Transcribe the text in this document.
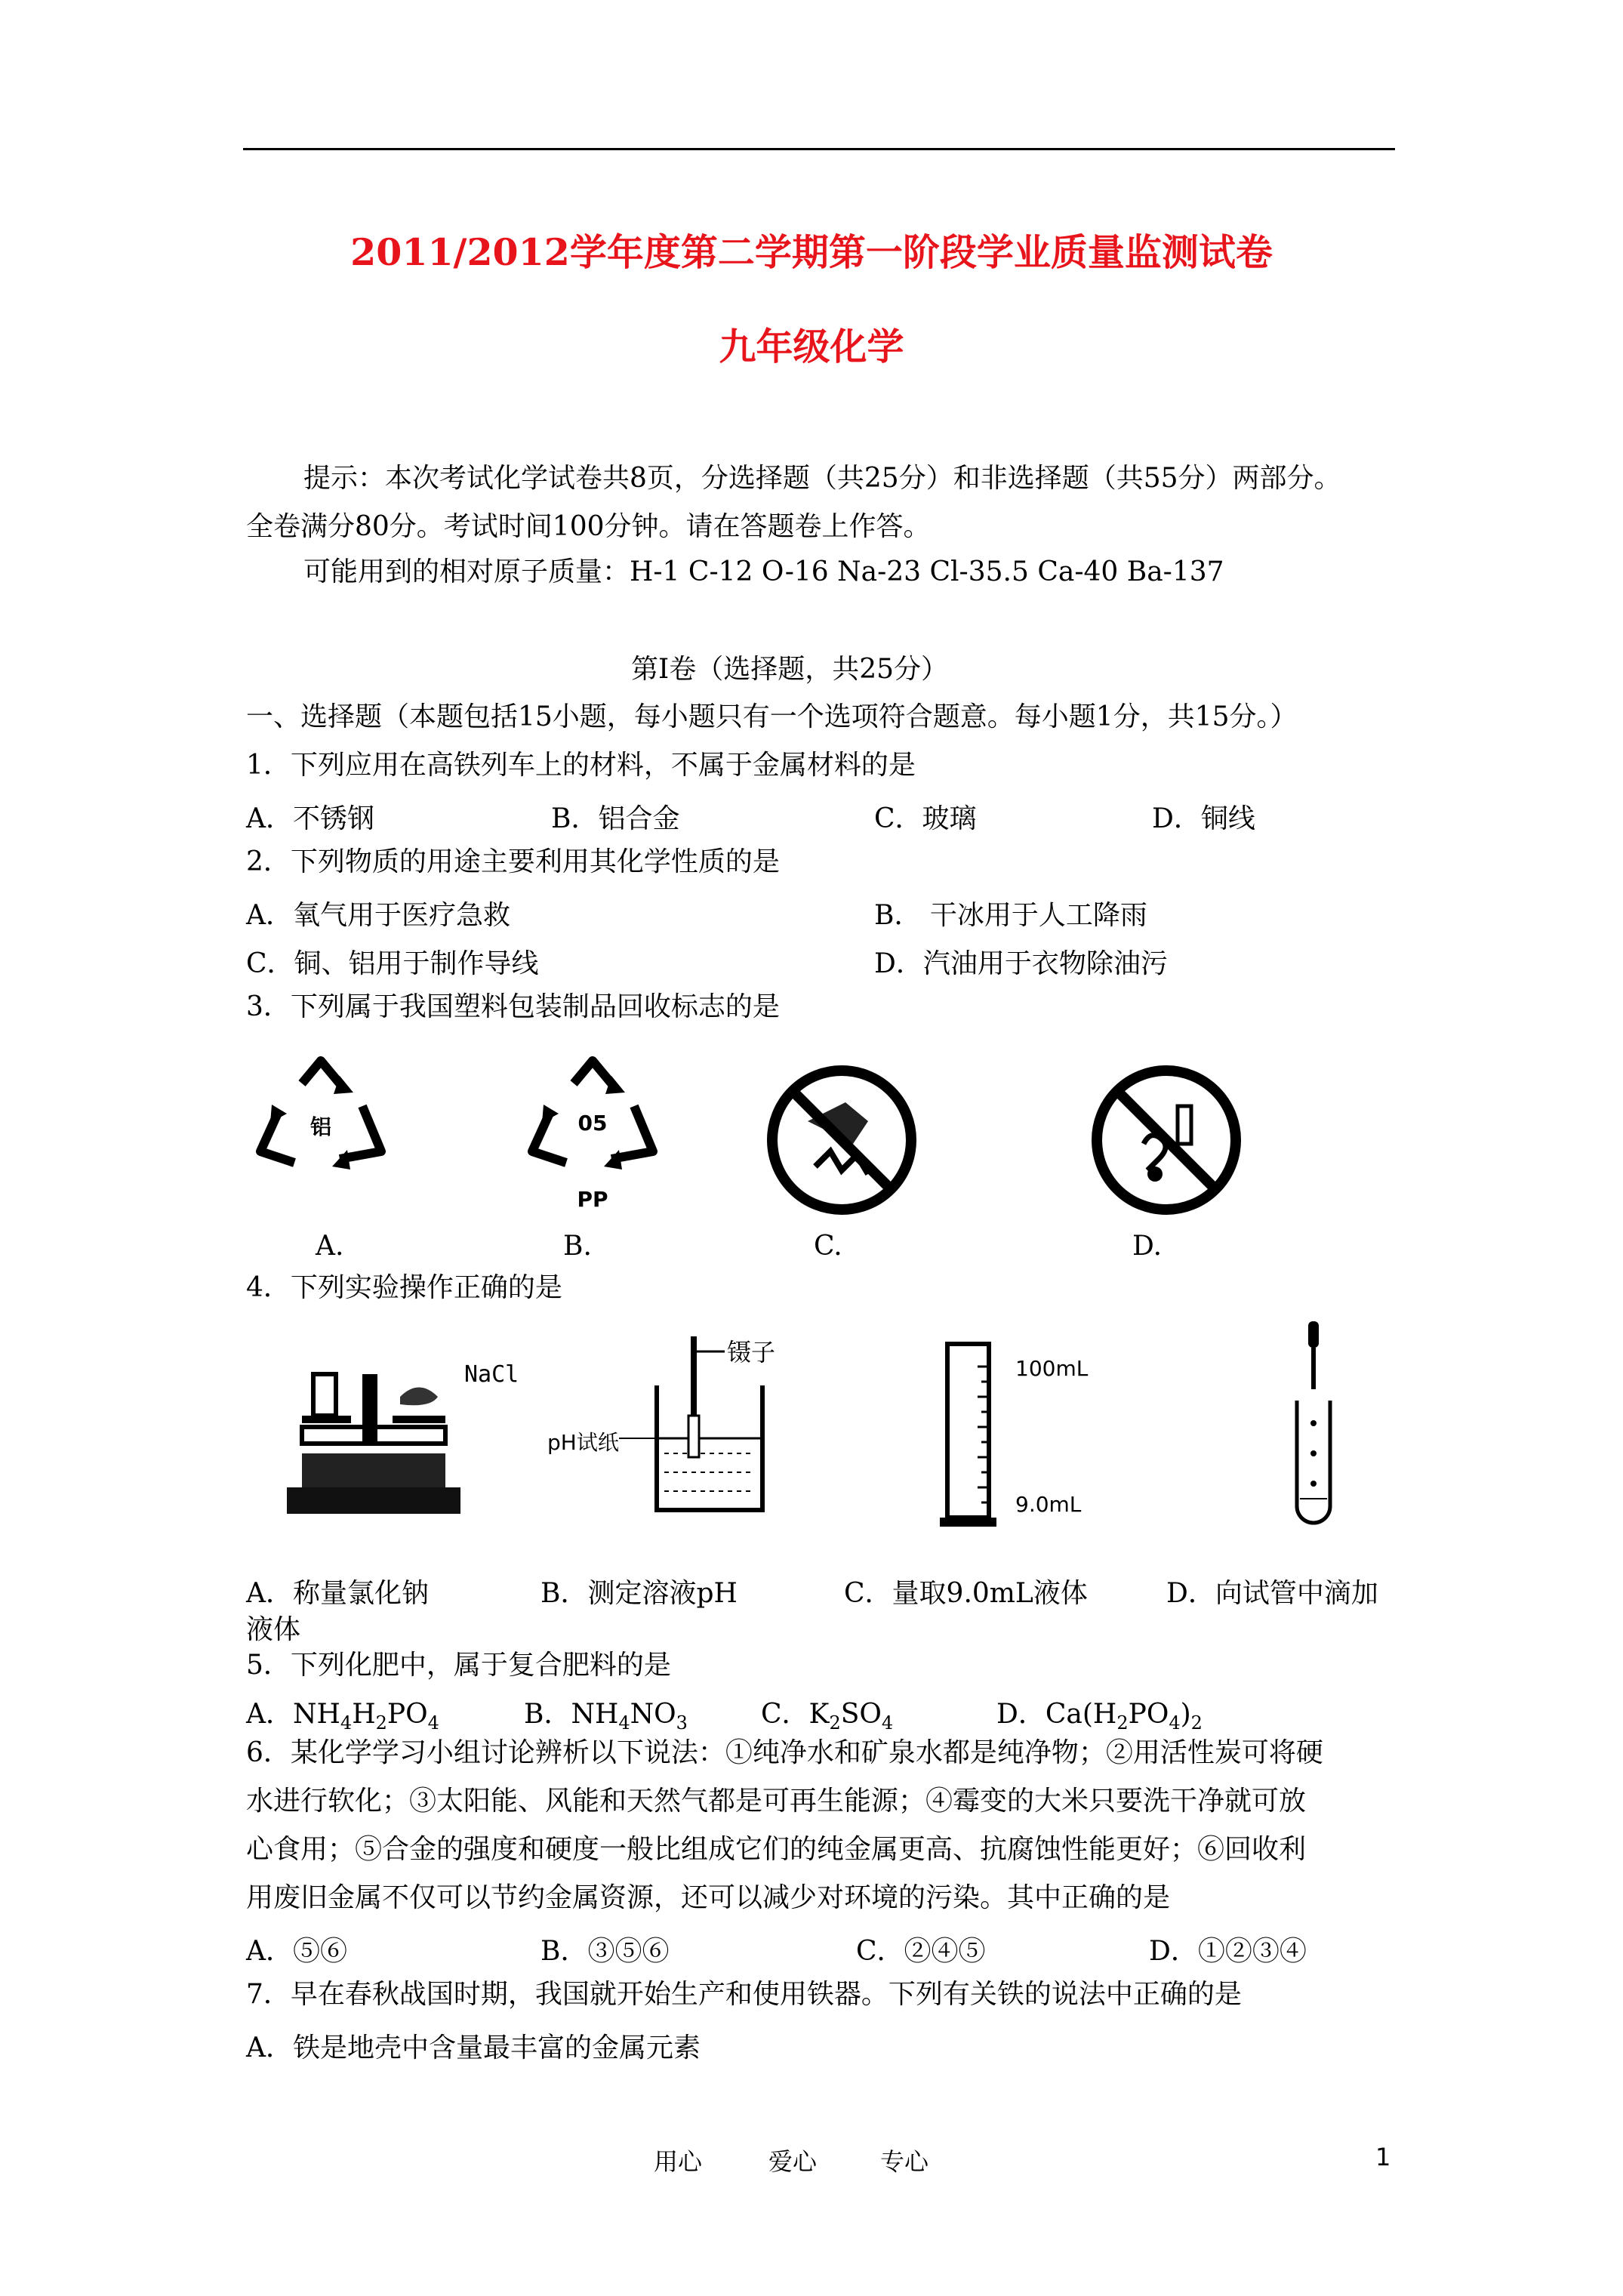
2011/2012学年度第二学期第一阶段学业质量监测试卷
九年级化学
提示：本次考试化学试卷共8页，分选择题（共25分）和非选择题（共55分）两部分。
全卷满分80分。考试时间100分钟。请在答题卷上作答。
可能用到的相对原子质量：H-1 C-12 O-16 Na-23 Cl-35.5 Ca-40 Ba-137
第Ⅰ卷（选择题，共25分）
一、选择题（本题包括15小题，每小题只有一个选项符合题意。每小题1分，共15分。）
1．下列应用在高铁列车上的材料，不属于金属材料的是
A．不锈钢	B．铝合金	C．玻璃	D．铜线
2．下列物质的用途主要利用其化学性质的是
A．氧气用于医疗急救	B． 干冰用于人工降雨
C．铜、铝用于制作导线	D．汽油用于衣物除油污
3．下列属于我国塑料包装制品回收标志的是
铝	05
PP
A.	B.	C.	D.
4．下列实验操作正确的是
NaCl
镊子
pH试纸
100mL
9.0mL
A．称量氯化钠	B．测定溶液pH	C．量取9.0mL液体	D．向试管中滴加
液体
5．下列化肥中，属于复合肥料的是
A．$NH_4H_2PO_4$	B．$NH_4NO_3$	C．$K_2SO_4$	D．$Ca(H_2PO_4)_2$
6．某化学学习小组讨论辨析以下说法：①纯净水和矿泉水都是纯净物；②用活性炭可将硬
水进行软化；③太阳能、风能和天然气都是可再生能源；④霉变的大米只要洗干净就可放
心食用；⑤合金的强度和硬度一般比组成它们的纯金属更高、抗腐蚀性能更好；⑥回收利
用废旧金属不仅可以节约金属资源，还可以减少对环境的污染。其中正确的是
A．⑤⑥	B．③⑤⑥	C．②④⑤	D．①②③④
7．早在春秋战国时期，我国就开始生产和使用铁器。下列有关铁的说法中正确的是
A．铁是地壳中含量最丰富的金属元素
用心	爱心	专心	1
